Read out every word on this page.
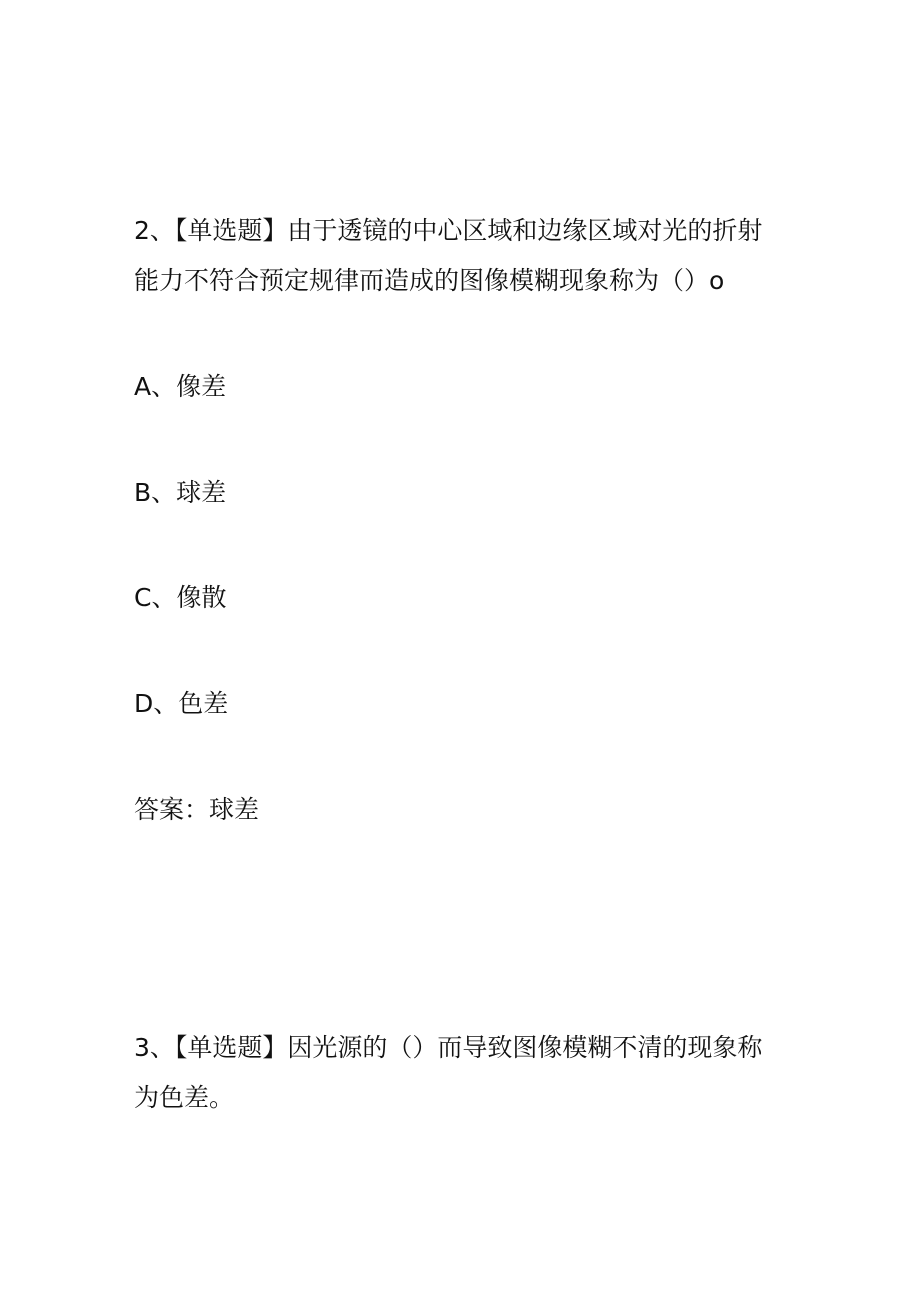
2、【单选题】由于透镜的中心区域和边缘区域对光的折射
能力不符合预定规律而造成的图像模糊现象称为（）o
A、像差
B、球差
C、像散
D、色差
答案：球差
3、【单选题】因光源的（）而导致图像模糊不清的现象称
为色差。
